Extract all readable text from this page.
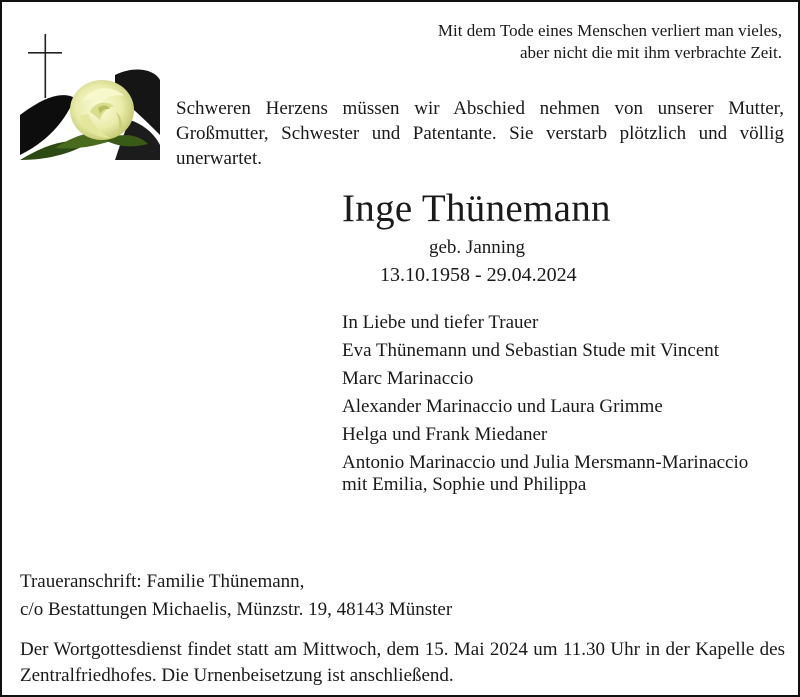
Mit dem Tode eines Menschen verliert man vieles,
aber nicht die mit ihm verbrachte Zeit.
Schweren Herzens müssen wir Abschied nehmen von unserer Mutter, Großmutter, Schwester und Patentante. Sie verstarb plötzlich und völlig unerwartet.
Inge Thünemann
geb. Janning
13.10.1958 - 29.04.2024
In Liebe und tiefer Trauer
Eva Thünemann und Sebastian Stude mit Vincent
Marc Marinaccio
Alexander Marinaccio und Laura Grimme
Helga und Frank Miedaner
Antonio Marinaccio und Julia Mersmann-Marinaccio
mit Emilia, Sophie und Philippa
Traueranschrift: Familie Thünemann,
c/o Bestattungen Michaelis, Münzstr. 19, 48143 Münster
Der Wortgottesdienst findet statt am Mittwoch, dem 15. Mai 2024 um 11.30 Uhr in der Kapelle des Zentralfriedhofes. Die Urnenbeisetzung ist anschließend.
